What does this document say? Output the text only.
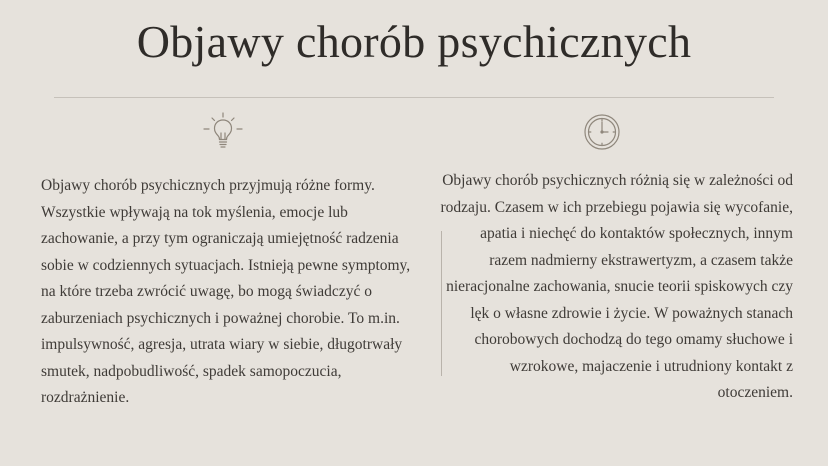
Objawy chorób psychicznych
Objawy chorób psychicznych przyjmują różne formy. Wszystkie wpływają na tok myślenia, emocje lub zachowanie, a przy tym ograniczają umiejętność radzenia sobie w codziennych sytuacjach. Istnieją pewne symptomy, na które trzeba zwrócić uwagę, bo mogą świadczyć o zaburzeniach psychicznych i poważnej chorobie. To m.in. impulsywność, agresja, utrata wiary w siebie, długotrwały smutek, nadpobudliwość, spadek samopoczucia, rozdrażnienie.
Objawy chorób psychicznych różnią się w zależności od rodzaju. Czasem w ich przebiegu pojawia się wycofanie, apatia i niechęć do kontaktów społecznych, innym razem nadmierny ekstrawertyzm, a czasem także nieracjonalne zachowania, snucie teorii spiskowych czy lęk o własne zdrowie i życie. W poważnych stanach chorobowych dochodzą do tego omamy słuchowe i wzrokowe, majaczenie i utrudniony kontakt z otoczeniem.
